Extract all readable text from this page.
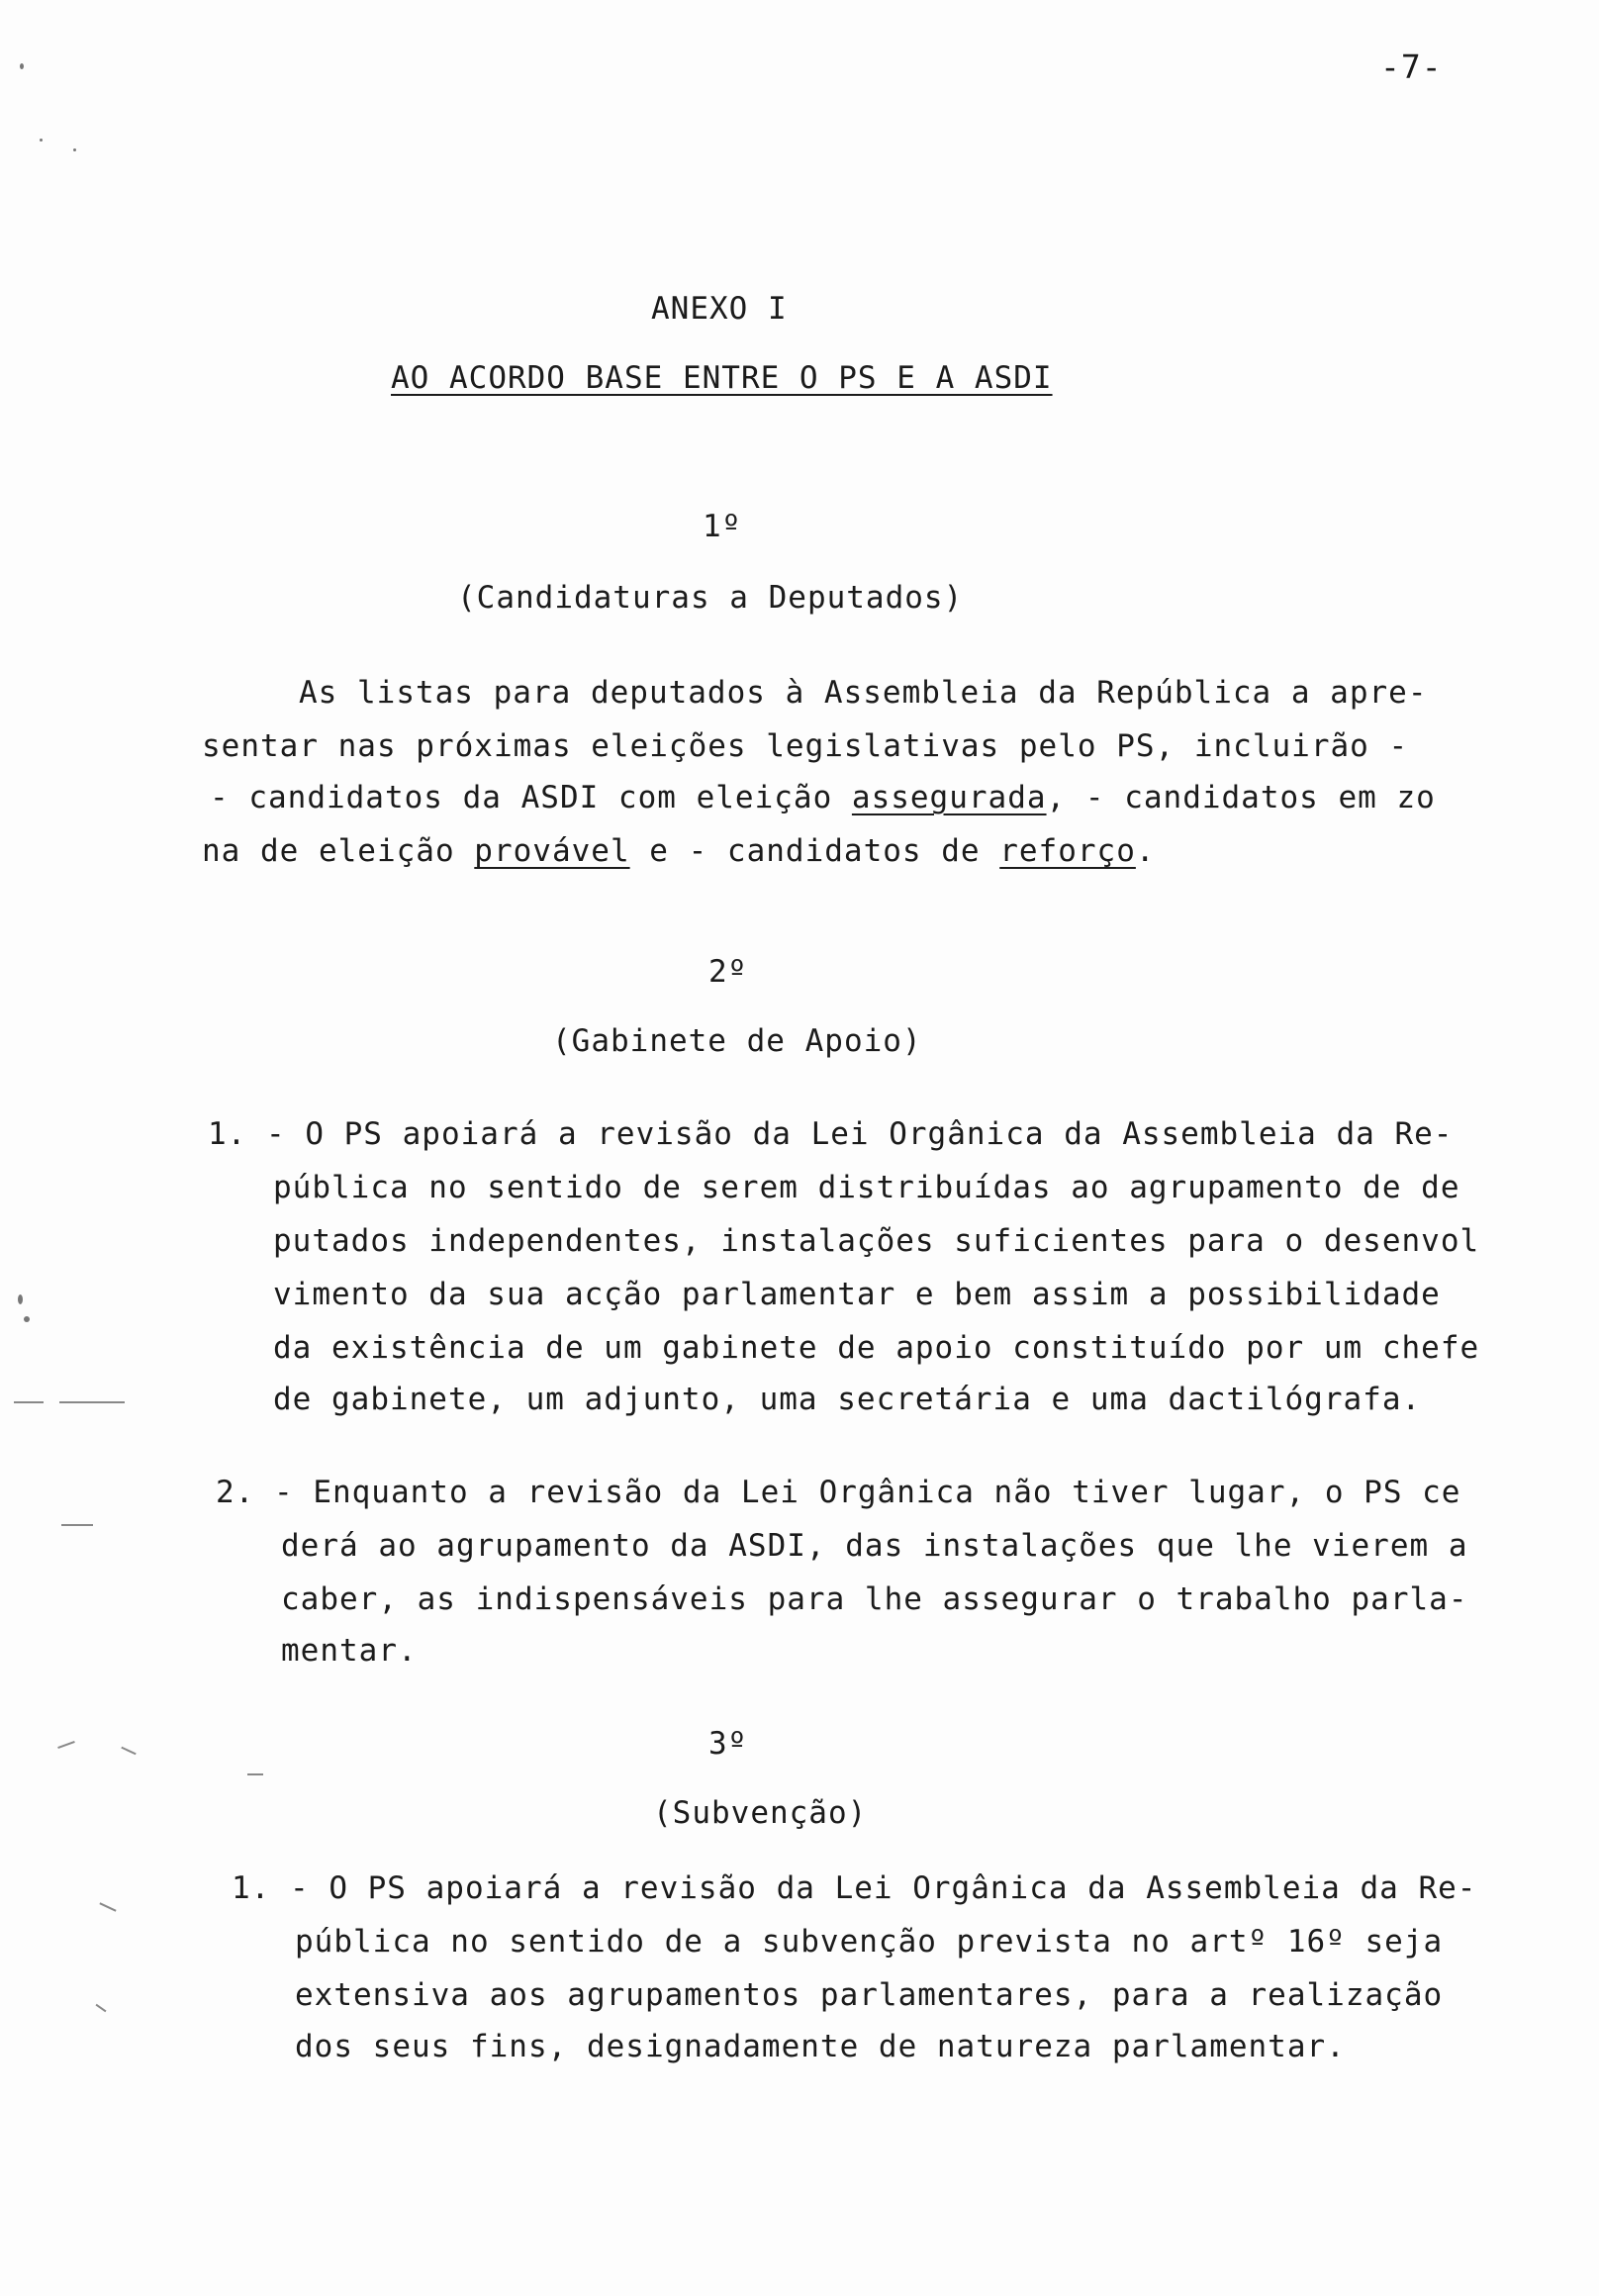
-7-
ANEXO I
AO ACORDO BASE ENTRE O PS E A ASDI
1º
(Candidaturas a Deputados)
As listas para deputados à Assembleia da República a apre-
sentar nas próximas eleições legislativas pelo PS, incluirão -
- candidatos da ASDI com eleição assegurada, - candidatos em zo
na de eleição provável e - candidatos de reforço.
2º
(Gabinete de Apoio)
1. - O PS apoiará a revisão da Lei Orgânica da Assembleia da Re-
pública no sentido de serem distribuídas ao agrupamento de de
putados independentes, instalações suficientes para o desenvol
vimento da sua acção parlamentar e bem assim a possibilidade
da existência de um gabinete de apoio constituído por um chefe
de gabinete, um adjunto, uma secretária e uma dactilógrafa.
2. - Enquanto a revisão da Lei Orgânica não tiver lugar, o PS ce
derá ao agrupamento da ASDI, das instalações que lhe vierem a
caber, as indispensáveis para lhe assegurar o trabalho parla-
mentar.
3º
(Subvenção)
1. - O PS apoiará a revisão da Lei Orgânica da Assembleia da Re-
pública no sentido de a subvenção prevista no artº 16º seja
extensiva aos agrupamentos parlamentares, para a realização
dos seus fins, designadamente de natureza parlamentar.
